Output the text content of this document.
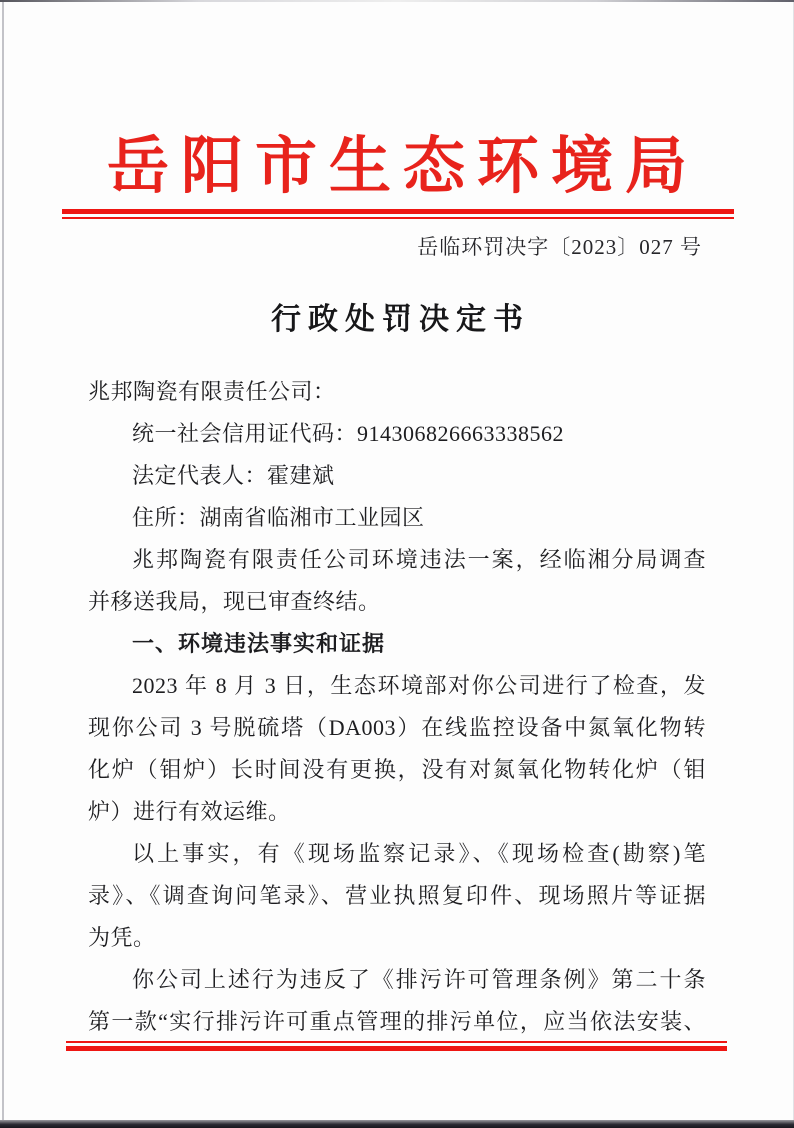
岳阳市生态环境局
岳临环罚决字〔2023〕027 号
行政处罚决定书
兆邦陶瓷有限责任公司：
统一社会信用证代码：914306826663338562
法定代表人：霍建斌
住所：湖南省临湘市工业园区
兆邦陶瓷有限责任公司环境违法一案，经临湘分局调查
并移送我局，现已审查终结。
一、环境违法事实和证据
2023 年 8 月 3 日，生态环境部对你公司进行了检查，发
现你公司 3 号脱硫塔（DA003）在线监控设备中氮氧化物转
化炉（钼炉）长时间没有更换，没有对氮氧化物转化炉（钼
炉）进行有效运维。
以上事实，有《现场监察记录》、《现场检查(勘察)笔
录》、《调查询问笔录》、营业执照复印件、现场照片等证据
为凭。
你公司上述行为违反了《排污许可管理条例》第二十条
第一款“实行排污许可重点管理的排污单位，应当依法安装、
